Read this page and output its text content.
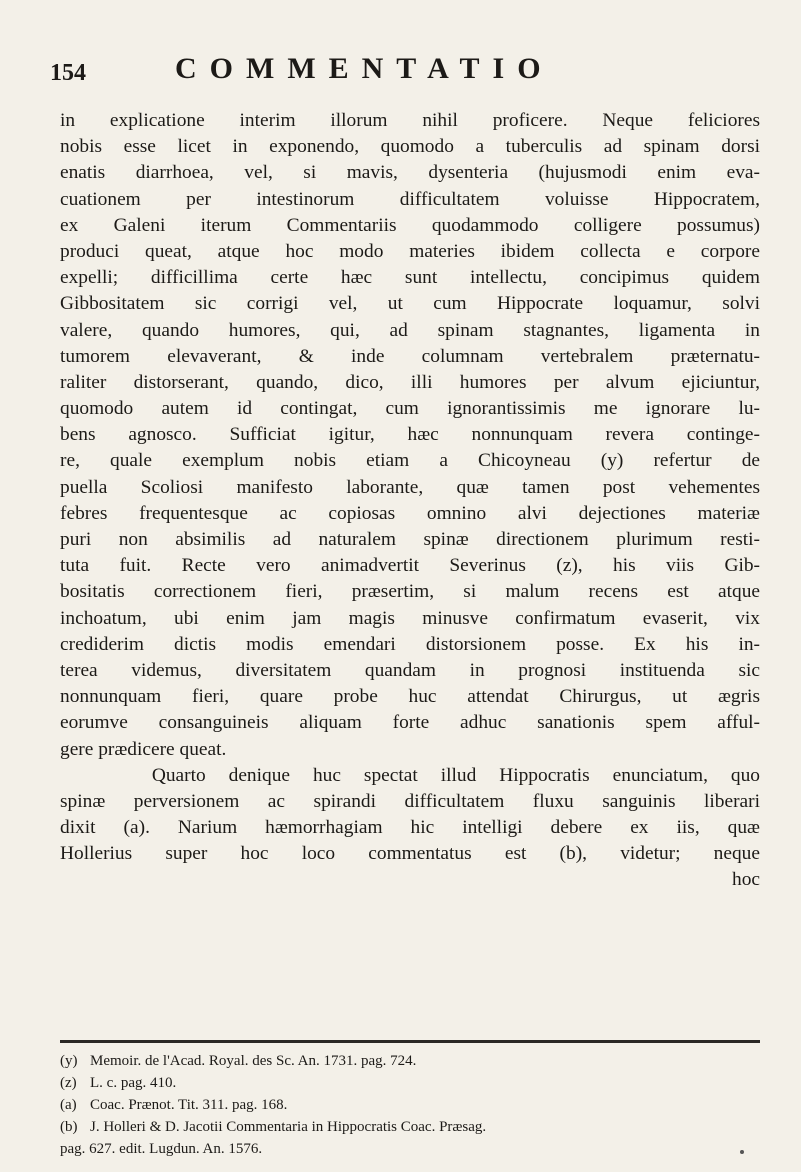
154	COMMENTATIO
in explicatione interim illorum nihil proficere. Neque feliciores
nobis esse licet in exponendo, quomodo a tuberculis ad spinam dorsi
enatis diarrhoea, vel, si mavis, dysenteria (hujusmodi enim eva-
cuationem per intestinorum difficultatem voluisse Hippocratem,
ex Galeni iterum Commentariis quodammodo colligere possumus)
produci queat, atque hoc modo materies ibidem collecta e corpore
expelli; difficillima certe hæc sunt intellectu, concipimus quidem
Gibbositatem sic corrigi vel, ut cum Hippocrate loquamur, solvi
valere, quando humores, qui, ad spinam stagnantes, ligamenta in
tumorem elevaverant, & inde columnam vertebralem præternatu-
raliter distorserant, quando, dico, illi humores per alvum ejiciuntur,
quomodo autem id contingat, cum ignorantissimis me ignorare lu-
bens agnosco. Sufficiat igitur, hæc nonnunquam revera continge-
re, quale exemplum nobis etiam a Chicoyneau (y) refertur de
puella Scoliosi manifesto laborante, quæ tamen post vehementes
febres frequentesque ac copiosas omnino alvi dejectiones materiæ
puri non absimilis ad naturalem spinæ directionem plurimum resti-
tuta fuit. Recte vero animadvertit Severinus (z), his viis Gib-
bositatis correctionem fieri, præsertim, si malum recens est atque
inchoatum, ubi enim jam magis minusve confirmatum evaserit, vix
crediderim dictis modis emendari distorsionem posse. Ex his in-
terea videmus, diversitatem quandam in prognosi instituenda sic
nonnunquam fieri, quare probe huc attendat Chirurgus, ut ægris
eorumve consanguineis aliquam forte adhuc sanationis spem afful-
gere prædicere queat.
Quarto denique huc spectat illud Hippocratis enunciatum, quo
spinæ perversionem ac spirandi difficultatem fluxu sanguinis liberari
dixit (a). Narium hæmorrhagiam hic intelligi debere ex iis, quæ
Hollerius super hoc loco commentatus est (b), videtur; neque
hoc
(y) Memoir. de l'Acad. Royal. des Sc. An. 1731. pag. 724.
(z) L. c. pag. 410.
(a) Coac. Prænot. Tit. 311. pag. 168.
(b) J. Holleri & D. Jacotii Commentaria in Hippocratis Coac. Præsag.
pag. 627. edit. Lugdun. An. 1576.
